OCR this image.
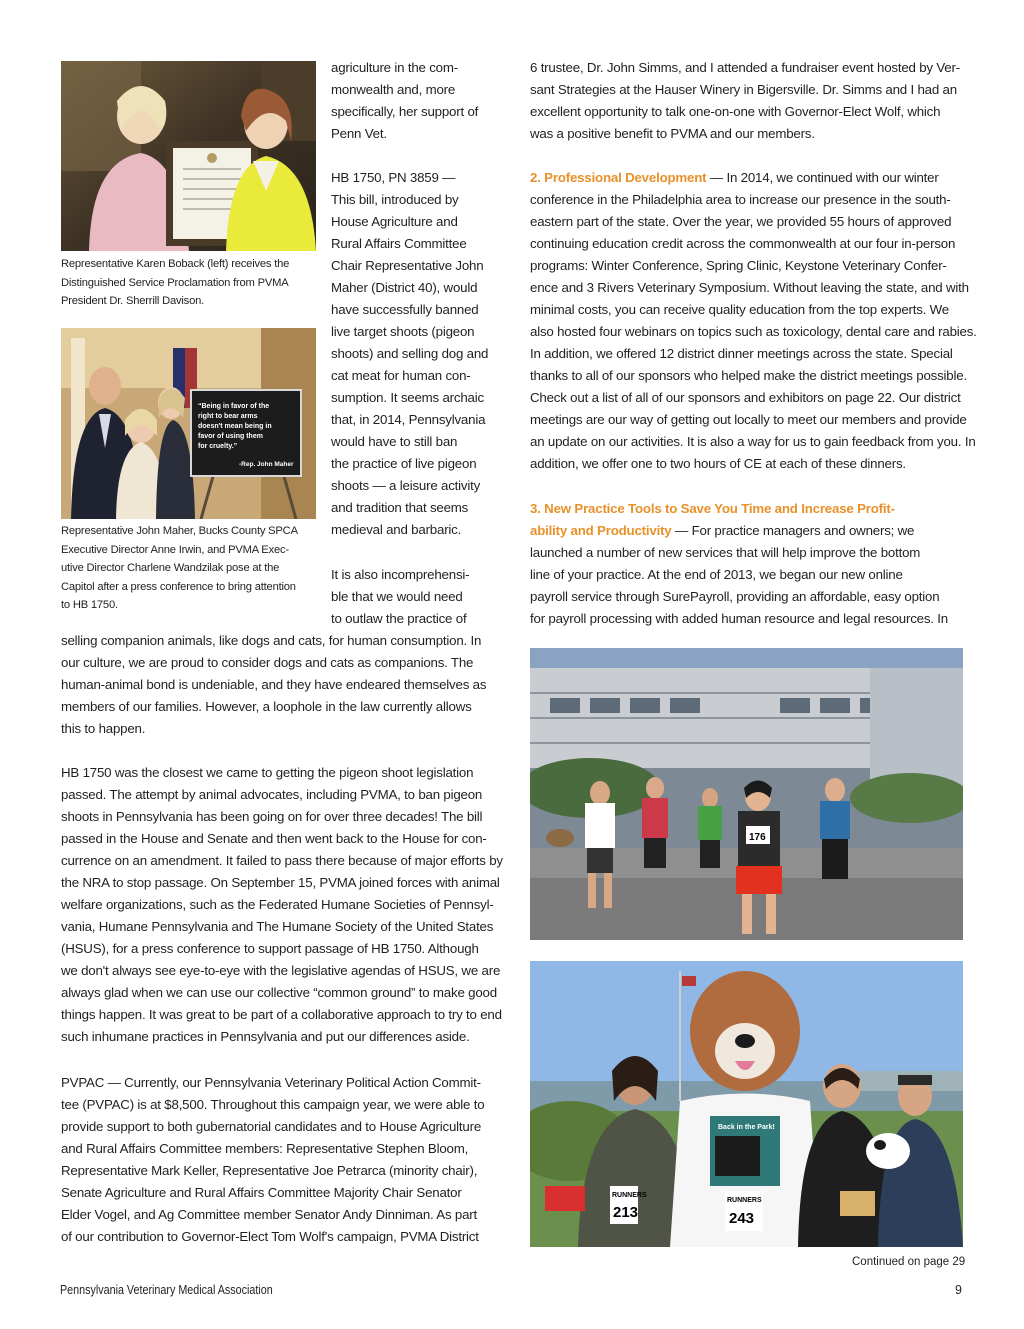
Representative Karen Boback (left) receives the
Distinguished Service Proclamation from PVMA
President Dr. Sherrill Davison.

“Being in favor of the
right to bear arms
doesn't mean being in
favor of using them
for cruelty.”
-Rep. John Maher

Representative John Maher, Bucks County SPCA
Executive Director Anne Irwin, and PVMA Exec-
utive Director Charlene Wandzilak pose at the
Capitol after a press conference to bring attention
to HB 1750.

agriculture in the com-
monwealth and, more
specifically, her support of
Penn Vet.

HB 1750, PN 3859 —
This bill, introduced by
House Agriculture and
Rural Affairs Committee
Chair Representative John
Maher (District 40), would
have successfully banned
live target shoots (pigeon
shoots) and selling dog and
cat meat for human con-
sumption. It seems archaic
that, in 2014, Pennsylvania
would have to still ban
the practice of live pigeon
shoots — a leisure activity
and tradition that seems
medieval and barbaric.

It is also incomprehensi-
ble that we would need
to outlaw the practice of

selling companion animals, like dogs and cats, for human consumption. In
our culture, we are proud to consider dogs and cats as companions. The
human-animal bond is undeniable, and they have endeared themselves as
members of our families. However, a loophole in the law currently allows
this to happen.

HB 1750 was the closest we came to getting the pigeon shoot legislation
passed. The attempt by animal advocates, including PVMA, to ban pigeon
shoots in Pennsylvania has been going on for over three decades! The bill
passed in the House and Senate and then went back to the House for con-
currence on an amendment. It failed to pass there because of major efforts by
the NRA to stop passage. On September 15, PVMA joined forces with animal
welfare organizations, such as the Federated Humane Societies of Pennsyl-
vania, Humane Pennsylvania and The Humane Society of the United States
(HSUS), for a press conference to support passage of HB 1750. Although
we don't always see eye-to-eye with the legislative agendas of HSUS, we are
always glad when we can use our collective “common ground” to make good
things happen. It was great to be part of a collaborative approach to try to end
such inhumane practices in Pennsylvania and put our differences aside.

PVPAC — Currently, our Pennsylvania Veterinary Political Action Commit-
tee (PVPAC) is at $8,500. Throughout this campaign year, we were able to
provide support to both gubernatorial candidates and to House Agriculture
and Rural Affairs Committee members: Representative Stephen Bloom,
Representative Mark Keller, Representative Joe Petrarca (minority chair),
Senate Agriculture and Rural Affairs Committee Majority Chair Senator
Elder Vogel, and Ag Committee member Senator Andy Dinniman. As part
of our contribution to Governor-Elect Tom Wolf's campaign, PVMA District

6 trustee, Dr. John Simms, and I attended a fundraiser event hosted by Ver-
sant Strategies at the Hauser Winery in Bigersville. Dr. Simms and I had an
excellent opportunity to talk one-on-one with Governor-Elect Wolf, which
was a positive benefit to PVMA and our members.

2. Professional Development — In 2014, we continued with our winter
conference in the Philadelphia area to increase our presence in the south-
eastern part of the state. Over the year, we provided 55 hours of approved
continuing education credit across the commonwealth at our four in-person
programs: Winter Conference, Spring Clinic, Keystone Veterinary Confer-
ence and 3 Rivers Veterinary Symposium. Without leaving the state, and with
minimal costs, you can receive quality education from the top experts. We
also hosted four webinars on topics such as toxicology, dental care and rabies.
In addition, we offered 12 district dinner meetings across the state. Special
thanks to all of our sponsors who helped make the district meetings possible.
Check out a list of all of our sponsors and exhibitors on page 22. Our district
meetings are our way of getting out locally to meet our members and provide
an update on our activities. It is also a way for us to gain feedback from you. In
addition, we offer one to two hours of CE at each of these dinners.

3. New Practice Tools to Save You Time and Increase Profit-
ability and Productivity — For practice managers and owners; we
launched a number of new services that will help improve the bottom
line of your practice. At the end of 2013, we began our new online
payroll service through SurePayroll, providing an affordable, easy option
for payroll processing with added human resource and legal resources. In

176
RUNNERS
213
Back in the Park!
RUNNERS
243
Continued on page 29
Pennsylvania Veterinary Medical Association	9
